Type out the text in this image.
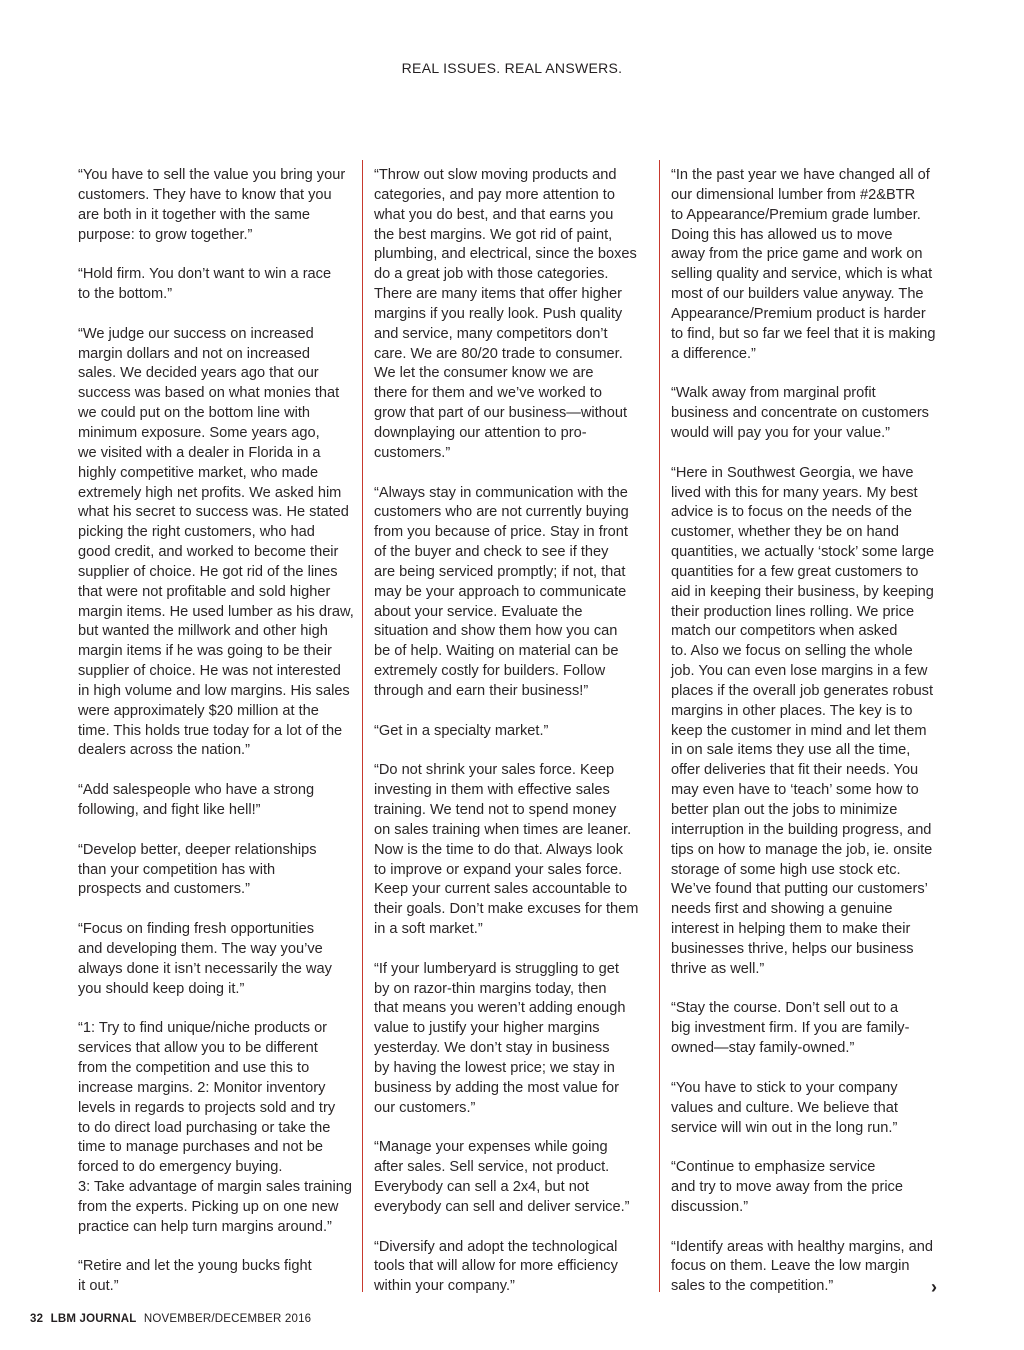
REAL ISSUES. REAL ANSWERS.

“You have to sell the value you bring your
customers. They have to know that you
are both in it together with the same
purpose: to grow together.”

“Hold firm. You don’t want to win a race
to the bottom.”

“We judge our success on increased
margin dollars and not on increased
sales. We decided years ago that our
success was based on what monies that
we could put on the bottom line with
minimum exposure. Some years ago,
we visited with a dealer in Florida in a
highly competitive market, who made
extremely high net profits. We asked him
what his secret to success was. He stated
picking the right customers, who had
good credit, and worked to become their
supplier of choice. He got rid of the lines
that were not profitable and sold higher
margin items. He used lumber as his draw,
but wanted the millwork and other high
margin items if he was going to be their
supplier of choice. He was not interested
in high volume and low margins. His sales
were approximately $20 million at the
time. This holds true today for a lot of the
dealers across the nation.”

“Add salespeople who have a strong
following, and fight like hell!”

“Develop better, deeper relationships
than your competition has with
prospects and customers.”

“Focus on finding fresh opportunities
and developing them. The way you’ve
always done it isn’t necessarily the way
you should keep doing it.”

“1: Try to find unique/niche products or
services that allow you to be different
from the competition and use this to
increase margins. 2: Monitor inventory
levels in regards to projects sold and try
to do direct load purchasing or take the
time to manage purchases and not be
forced to do emergency buying.
3: Take advantage of margin sales training
from the experts. Picking up on one new
practice can help turn margins around.”

“Retire and let the young bucks fight
it out.”

“Throw out slow moving products and
categories, and pay more attention to
what you do best, and that earns you
the best margins. We got rid of paint,
plumbing, and electrical, since the boxes
do a great job with those categories.
There are many items that offer higher
margins if you really look. Push quality
and service, many competitors don’t
care. We are 80/20 trade to consumer.
We let the consumer know we are
there for them and we’ve worked to
grow that part of our business—without
downplaying our attention to pro-
customers.”

“Always stay in communication with the
customers who are not currently buying
from you because of price. Stay in front
of the buyer and check to see if they
are being serviced promptly; if not, that
may be your approach to communicate
about your service. Evaluate the
situation and show them how you can
be of help. Waiting on material can be
extremely costly for builders. Follow
through and earn their business!”

“Get in a specialty market.”

“Do not shrink your sales force. Keep
investing in them with effective sales
training. We tend not to spend money
on sales training when times are leaner.
Now is the time to do that. Always look
to improve or expand your sales force.
Keep your current sales accountable to
their goals. Don’t make excuses for them
in a soft market.”

“If your lumberyard is struggling to get
by on razor-thin margins today, then
that means you weren’t adding enough
value to justify your higher margins
yesterday. We don’t stay in business
by having the lowest price; we stay in
business by adding the most value for
our customers.”

“Manage your expenses while going
after sales. Sell service, not product.
Everybody can sell a 2x4, but not
everybody can sell and deliver service.”

“Diversify and adopt the technological
tools that will allow for more efficiency
within your company.”

“In the past year we have changed all of
our dimensional lumber from #2&BTR
to Appearance/Premium grade lumber.
Doing this has allowed us to move
away from the price game and work on
selling quality and service, which is what
most of our builders value anyway. The
Appearance/Premium product is harder
to find, but so far we feel that it is making
a difference.”

“Walk away from marginal profit
business and concentrate on customers
would will pay you for your value.”

“Here in Southwest Georgia, we have
lived with this for many years. My best
advice is to focus on the needs of the
customer, whether they be on hand
quantities, we actually ‘stock’ some large
quantities for a few great customers to
aid in keeping their business, by keeping
their production lines rolling. We price
match our competitors when asked
to. Also we focus on selling the whole
job. You can even lose margins in a few
places if the overall job generates robust
margins in other places. The key is to
keep the customer in mind and let them
in on sale items they use all the time,
offer deliveries that fit their needs. You
may even have to ‘teach’ some how to
better plan out the jobs to minimize
interruption in the building progress, and
tips on how to manage the job, ie. onsite
storage of some high use stock etc.
We’ve found that putting our customers’
needs first and showing a genuine
interest in helping them to make their
businesses thrive, helps our business
thrive as well.”

“Stay the course. Don’t sell out to a
big investment firm. If you are family-
owned—stay family-owned.”

“You have to stick to your company
values and culture. We believe that
service will win out in the long run.”

“Continue to emphasize service
and try to move away from the price
discussion.”

“Identify areas with healthy margins, and
focus on them. Leave the low margin
sales to the competition.”	›
32 LBM JOURNAL NOVEMBER/DECEMBER 2016
